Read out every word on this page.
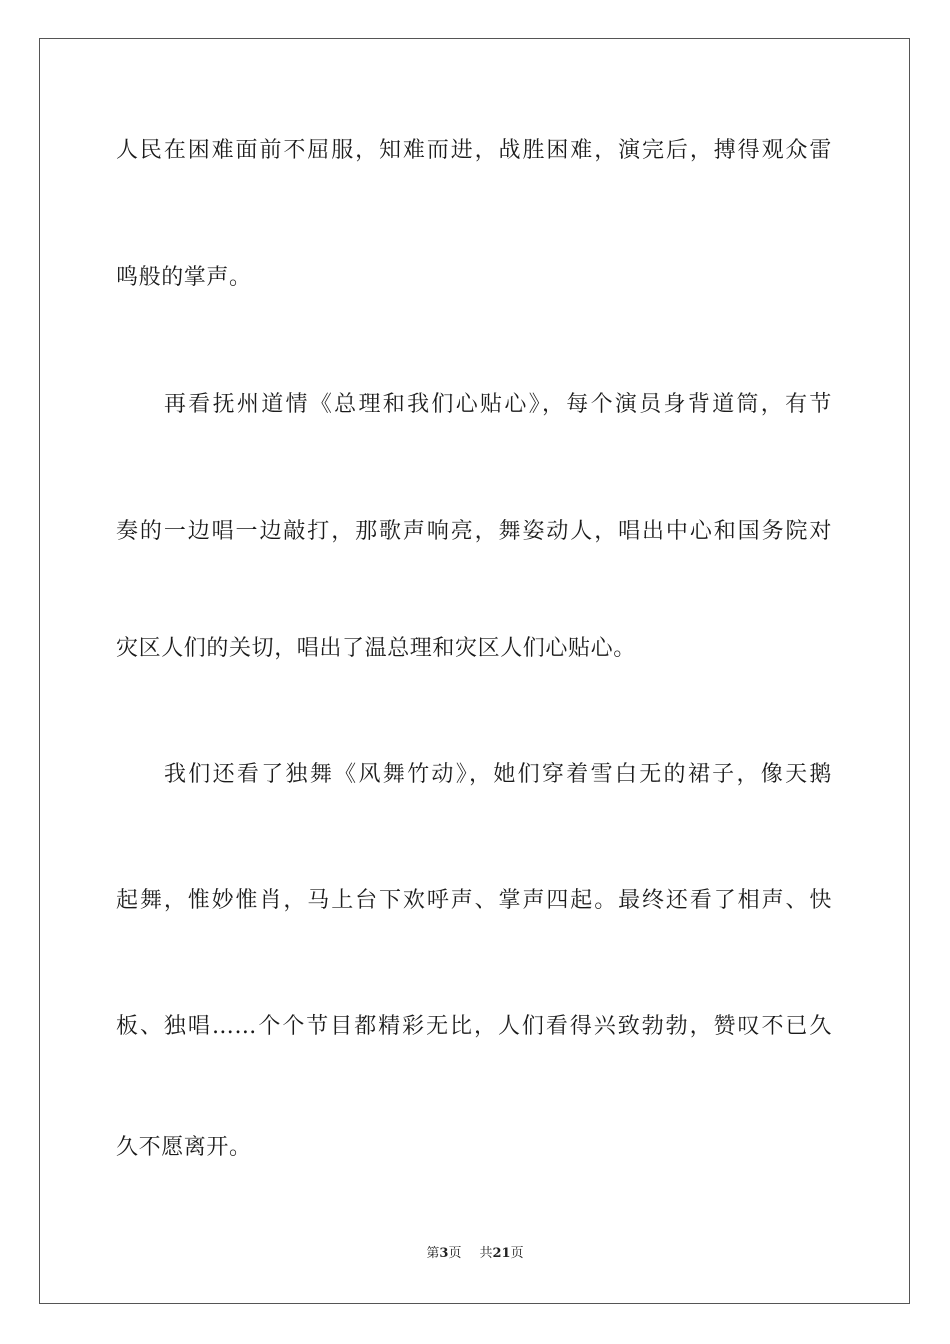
人民在困难面前不屈服，知难而进，战胜困难，演完后，搏得观众雷
鸣般的掌声。
再看抚州道情《总理和我们心贴心》，每个演员身背道筒，有节
奏的一边唱一边敲打，那歌声响亮，舞姿动人，唱出中心和国务院对
灾区人们的关切，唱出了温总理和灾区人们心贴心。
我们还看了独舞《风舞竹动》，她们穿着雪白无的裙子，像天鹅
起舞，惟妙惟肖，马上台下欢呼声、掌声四起。最终还看了相声、快
板、独唱……个个节目都精彩无比，人们看得兴致勃勃，赞叹不已久
久不愿离开。
第3页 共21页
